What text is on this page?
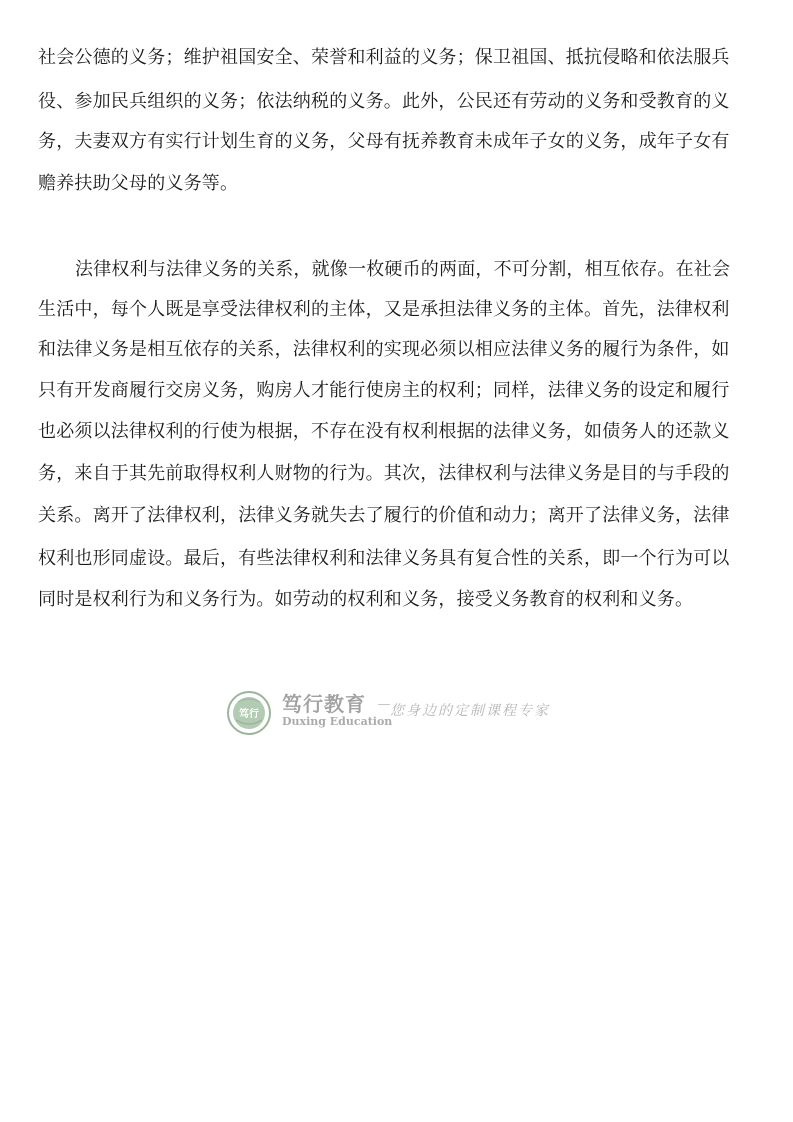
社会公德的义务；维护祖国安全、荣誉和利益的义务；保卫祖国、抵抗侵略和依法服兵
役、参加民兵组织的义务；依法纳税的义务。此外，公民还有劳动的义务和受教育的义
务，夫妻双方有实行计划生育的义务，父母有抚养教育未成年子女的义务，成年子女有
赡养扶助父母的义务等。
法律权利与法律义务的关系，就像一枚硬币的两面，不可分割，相互依存。在社会
生活中，每个人既是享受法律权利的主体，又是承担法律义务的主体。首先，法律权利
和法律义务是相互依存的关系，法律权利的实现必须以相应法律义务的履行为条件，如
只有开发商履行交房义务，购房人才能行使房主的权利；同样，法律义务的设定和履行
也必须以法律权利的行使为根据，不存在没有权利根据的法律义务，如债务人的还款义
务，来自于其先前取得权利人财物的行为。其次，法律权利与法律义务是目的与手段的
关系。离开了法律权利，法律义务就失去了履行的价值和动力；离开了法律义务，法律
权利也形同虚设。最后，有些法律权利和法律义务具有复合性的关系，即一个行为可以
同时是权利行为和义务行为。如劳动的权利和义务，接受义务教育的权利和义务。
笃行 笃行教育
Duxing Education
您身边的定制课程专家
